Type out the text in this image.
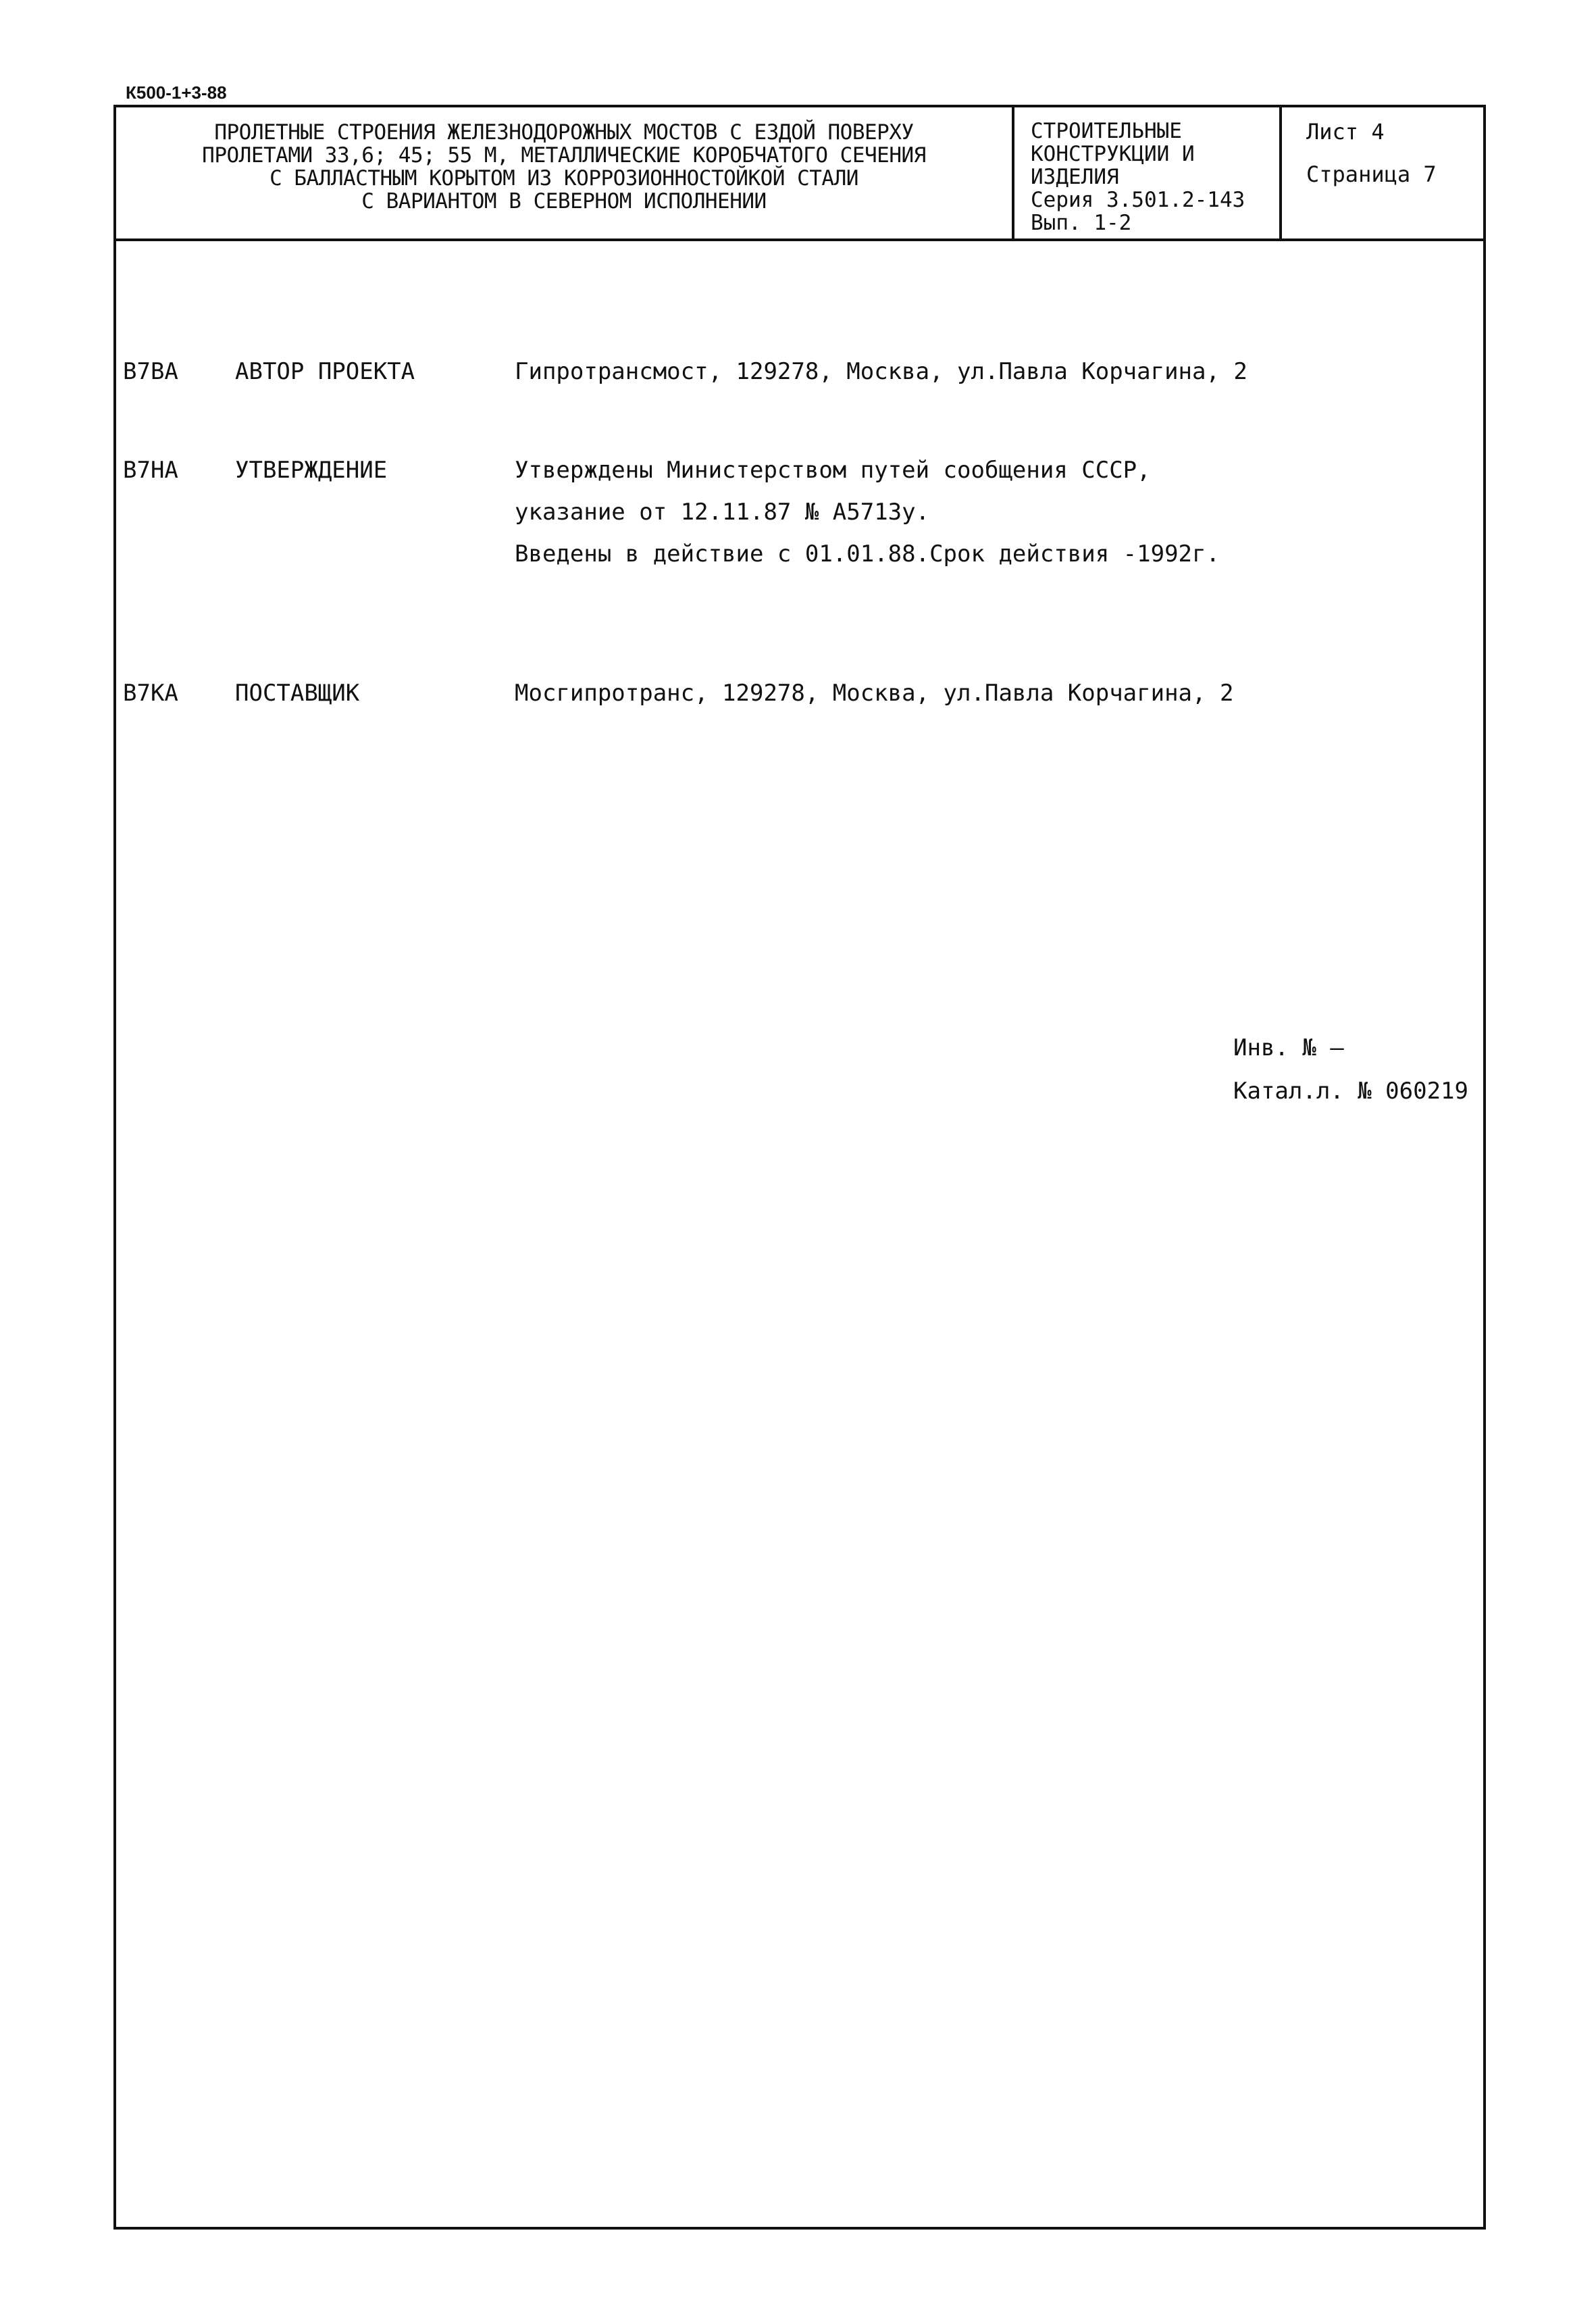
К500-1+3-88
ПРОЛЕТНЫЕ СТРОЕНИЯ ЖЕЛЕЗНОДОРОЖНЫХ МОСТОВ С ЕЗДОЙ ПОВЕРХУ
ПРОЛЕТАМИ 33,6; 45; 55 М, МЕТАЛЛИЧЕСКИЕ КОРОБЧАТОГО СЕЧЕНИЯ
С БАЛЛАСТНЫМ КОРЫТОМ ИЗ КОРРОЗИОННОСТОЙКОЙ СТАЛИ
С ВАРИАНТОМ В СЕВЕРНОМ ИСПОЛНЕНИИ
СТРОИТЕЛЬНЫЕ
КОНСТРУКЦИИ И
ИЗДЕЛИЯ
Серия 3.501.2-143
Вып. 1-2
Лист 4
Страница 7
В7ВА АВТОР ПРОЕКТА	Гипротрансмост, 129278, Москва, ул.Павла Корчагина, 2
В7НА УТВЕРЖДЕНИЕ	Утверждены Министерством путей сообщения СССР,
указание от 12.11.87 № А5713у.
Введены в действие с 01.01.88.Срок действия -1992г.
В7КА ПОСТАВЩИК	Мосгипротранс, 129278, Москва, ул.Павла Корчагина, 2
Инв. № —
Катал.л. № 060219
